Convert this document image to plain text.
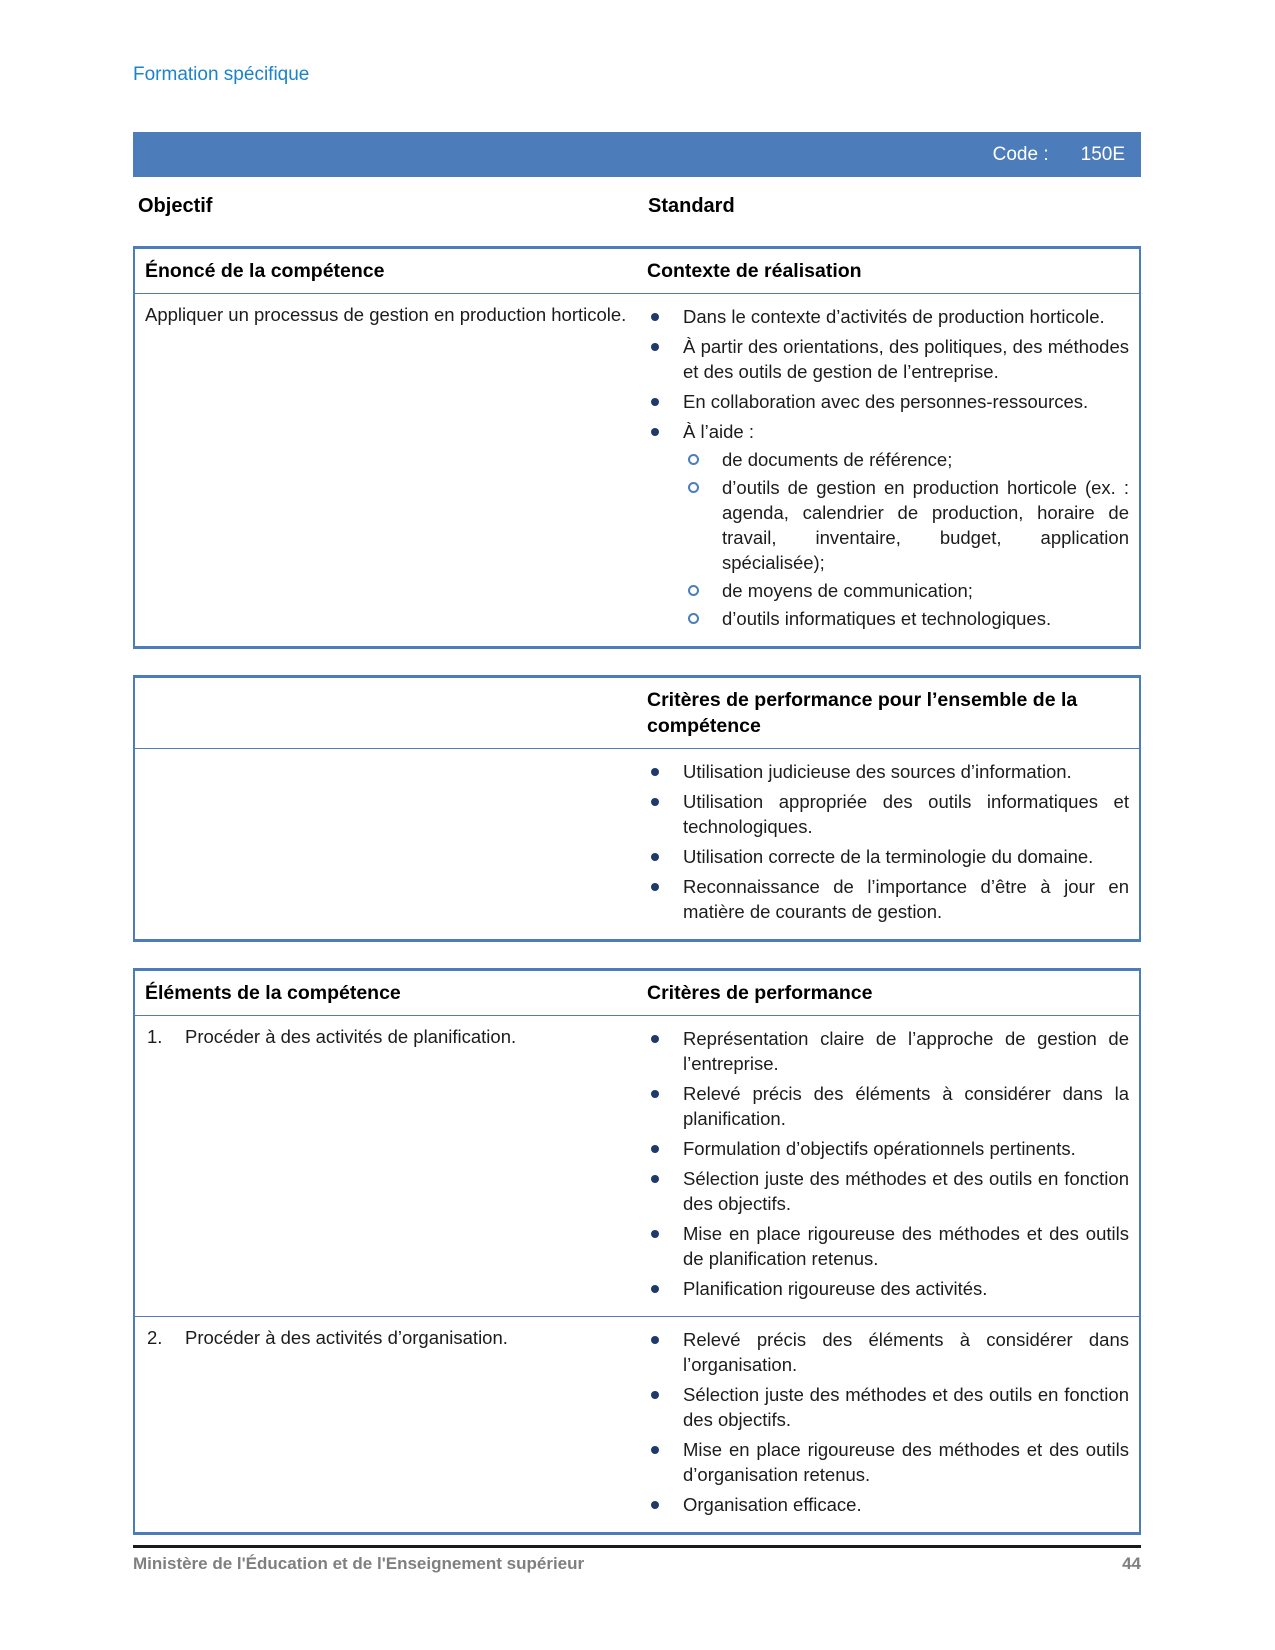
Formation spécifique
Code : 150E
Objectif	Standard
Énoncé de la compétence	Contexte de réalisation
Appliquer un processus de gestion en production horticole.	Dans le contexte d’activités de production horticole.
À partir des orientations, des politiques, des méthodes et des outils de gestion de l’entreprise.
En collaboration avec des personnes-ressources.
À l’aide :
de documents de référence;
d’outils de gestion en production horticole (ex. : agenda, calendrier de production, horaire de travail, inventaire, budget, application spécialisée);
de moyens de communication;
d’outils informatiques et technologiques.
Critères de performance pour l’ensemble de la compétence
Utilisation judicieuse des sources d’information.
Utilisation appropriée des outils informatiques et technologiques.
Utilisation correcte de la terminologie du domaine.
Reconnaissance de l’importance d’être à jour en matière de courants de gestion.
Éléments de la compétence	Critères de performance
1. Procéder à des activités de planification.	Représentation claire de l’approche de gestion de l’entreprise.
Relevé précis des éléments à considérer dans la planification.
Formulation d’objectifs opérationnels pertinents.
Sélection juste des méthodes et des outils en fonction des objectifs.
Mise en place rigoureuse des méthodes et des outils de planification retenus.
Planification rigoureuse des activités.
2. Procéder à des activités d’organisation.	Relevé précis des éléments à considérer dans l’organisation.
Sélection juste des méthodes et des outils en fonction des objectifs.
Mise en place rigoureuse des méthodes et des outils d’organisation retenus.
Organisation efficace.
Ministère de l'Éducation et de l'Enseignement supérieur	44
